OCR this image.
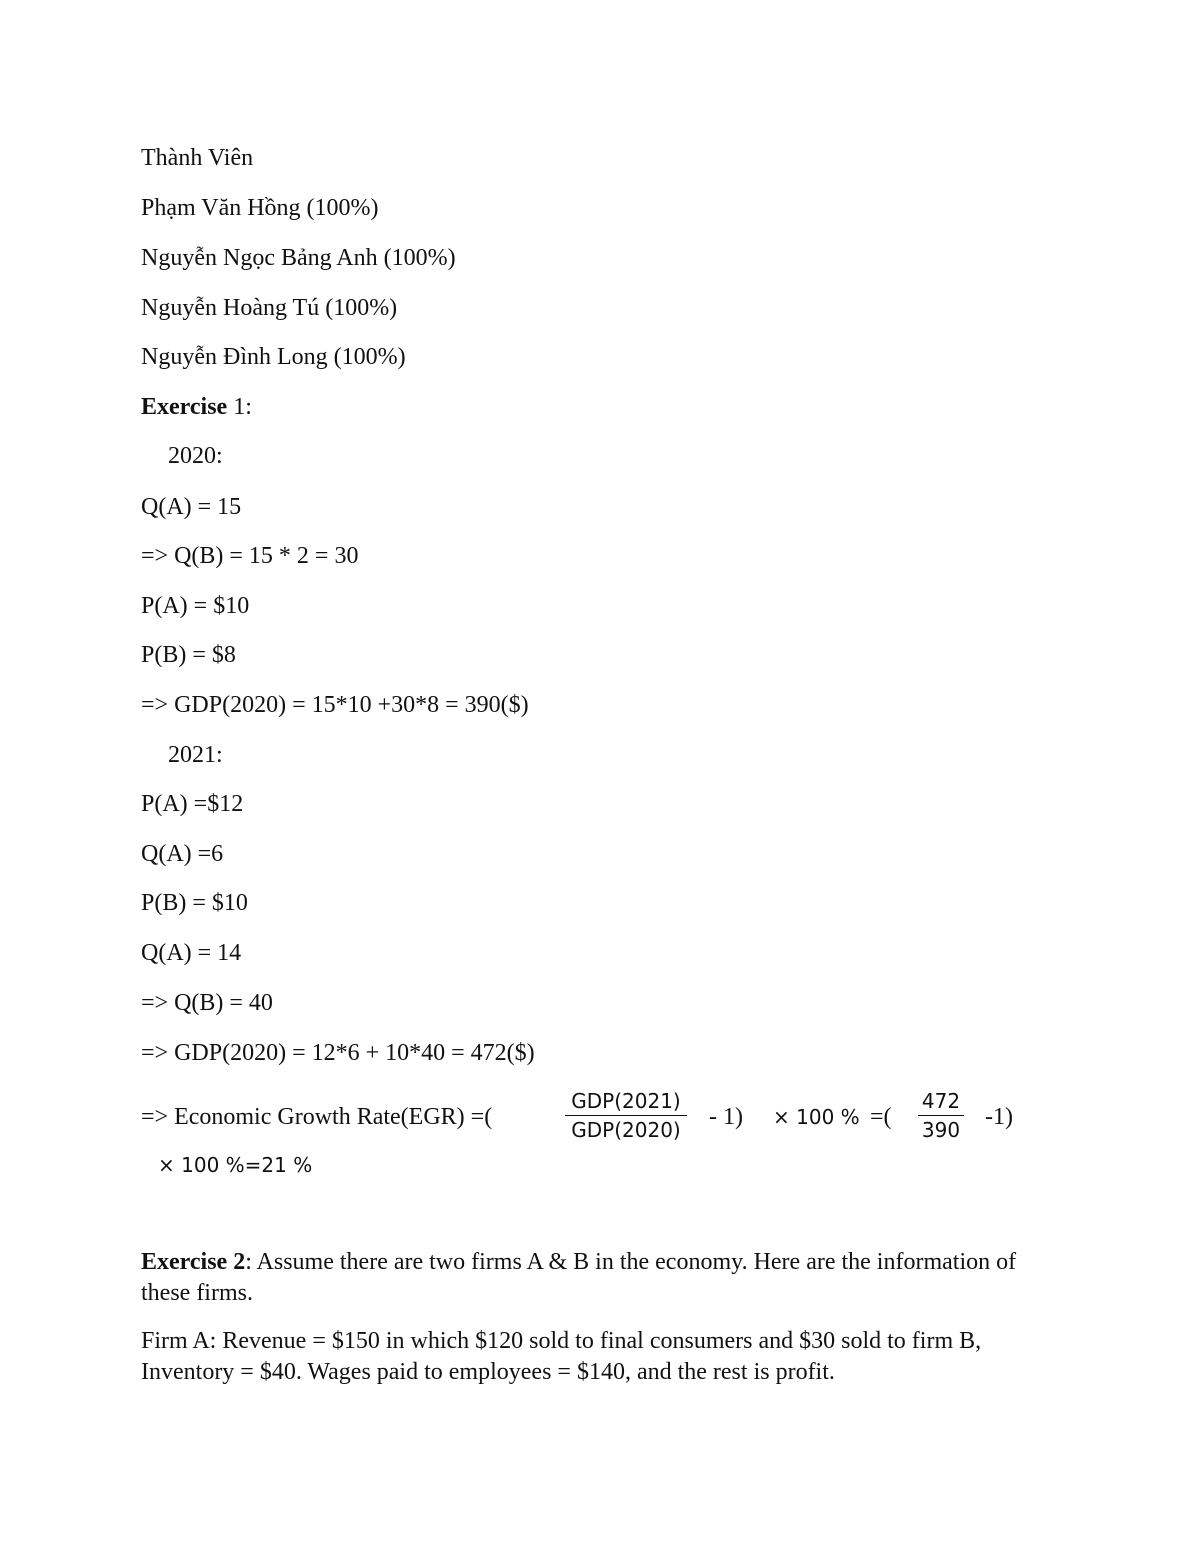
Thành Viên
Phạm Văn Hồng (100%)
Nguyễn Ngọc Bảng Anh (100%)
Nguyễn Hoàng Tú (100%)
Nguyễn Đình Long (100%)
Exercise 1:
2020:
Q(A) = 15
=> Q(B) = 15 * 2 = 30
P(A) = $10
P(B) = $8
=> GDP(2020) = 15*10 +30*8 = 390($)
2021:
P(A) =$12
Q(A) =6
P(B) = $10
Q(A) = 14
=> Q(B) = 40
=> GDP(2020) = 12*6 + 10*40 = 472($)
=> Economic Growth Rate(EGR) =(
GDP(2021)
GDP(2020) - 1) × 100 % =(
472
390 -1)
× 100 %=21 %
Exercise 2: Assume there are two firms A & B in the economy. Here are the information of these firms.
Firm A: Revenue = $150 in which $120 sold to final consumers and $30 sold to firm B, Inventory = $40. Wages paid to employees = $140, and the rest is profit.
